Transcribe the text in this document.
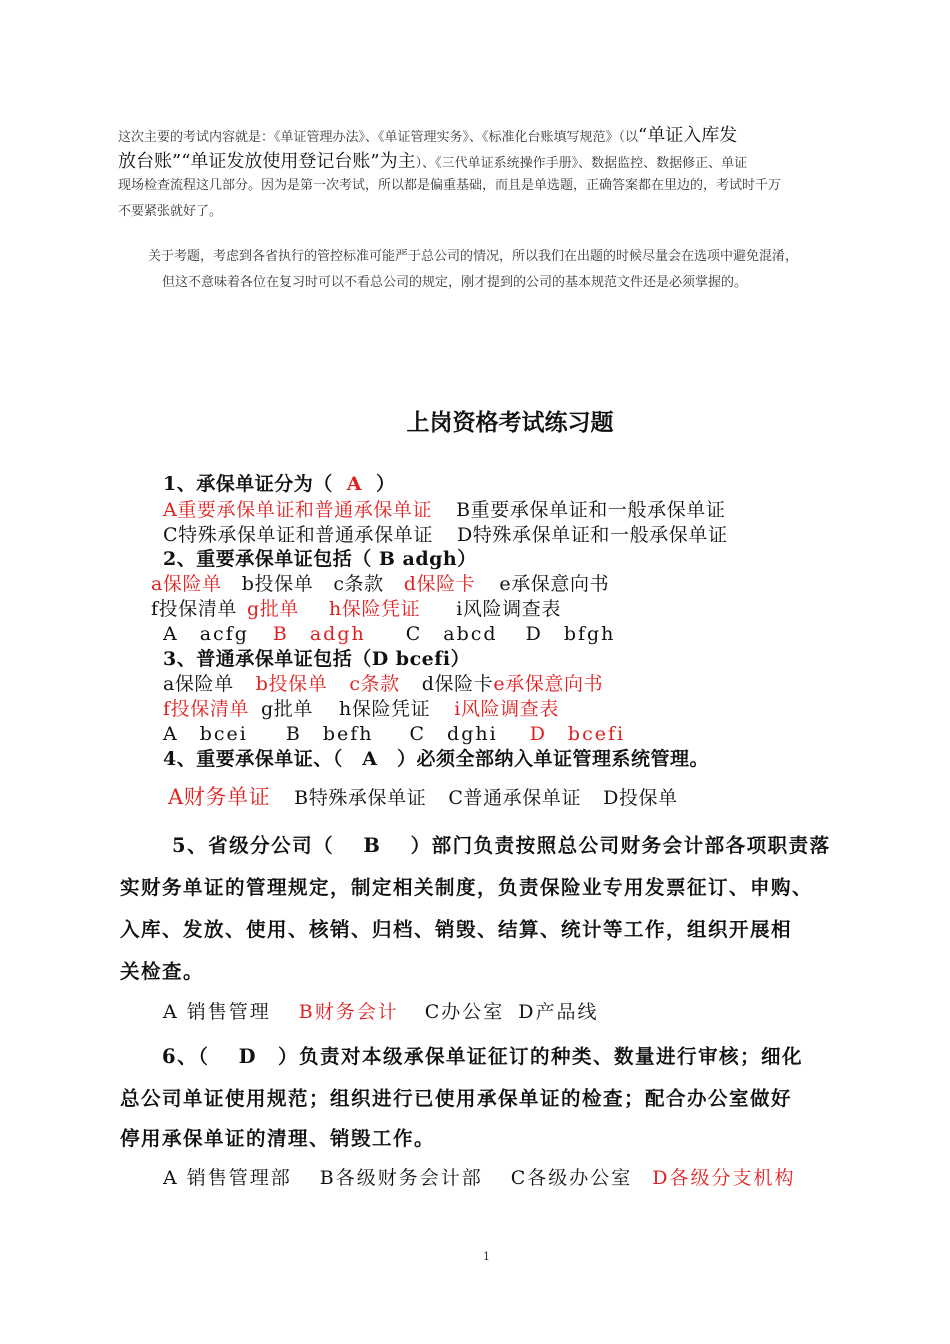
这次主要的考试内容就是：《单证管理办法》、《单证管理实务》、《标准化台账填写规范》（以“单证入库发
放台账”“单证发放使用登记台账”为主）、《三代单证系统操作手册》、数据监控、数据修正、单证
现场检查流程这几部分。因为是第一次考试，所以都是偏重基础，而且是单选题，正确答案都在里边的，考试时千万
不要紧张就好了。
关于考题，考虑到各省执行的管控标准可能严于总公司的情况，所以我们在出题的时候尽量会在选项中避免混淆，
但这不意味着各位在复习时可以不看总公司的规定，刚才提到的公司的基本规范文件还是必须掌握的。
上岗资格考试练习题
1、承保单证分为（ A ）
A重要承保单证和普通承保单证 B重要承保单证和一般承保单证
C特殊承保单证和普通承保单证 D特殊承保单证和一般承保单证
2、重要承保单证包括（ B adgh）
a保险单 b投保单 c条款 d保险卡 e承保意向书
f投保清单 g批单 h保险凭证 i风险调查表
A　acfg B　adgh C　abcd D　bfgh
3、普通承保单证包括（D bcefi）
a保险单 b投保单 c条款 d保险卡e承保意向书
f投保清单 g批单 h保险凭证 i风险调查表
A　bcei B　befh C　dghi D　bcefi
4、重要承保单证、（　A　）必须全部纳入单证管理系统管理。
A财务单证 B特殊承保单证 C普通承保单证 D投保单
5、省级分公司（　 B　 ）部门负责按照总公司财务会计部各项职责落
实财务单证的管理规定，制定相关制度，负责保险业专用发票征订、申购、
入库、发放、使用、核销、归档、销毁、结算、统计等工作，组织开展相
关检查。
A 销售管理 B财务会计 C办公室 D产品线
6、（　 D　）负责对本级承保单证征订的种类、数量进行审核；细化
总公司单证使用规范；组织进行已使用承保单证的检查；配合办公室做好
停用承保单证的清理、销毁工作。
A 销售管理部 B各级财务会计部 C各级办公室 D各级分支机构
1
